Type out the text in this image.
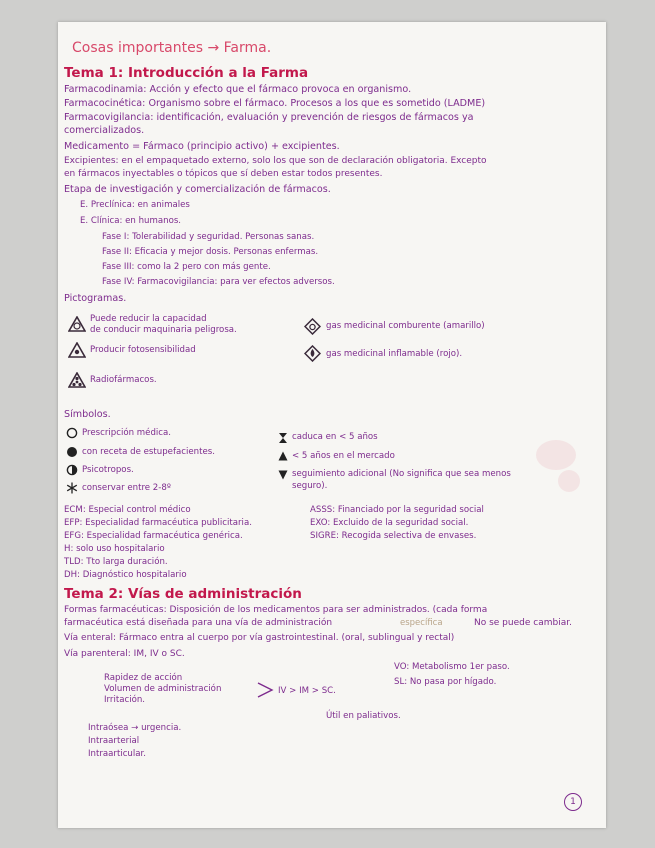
Cosas importantes → Farma.
Tema 1: Introducción a la Farma
Farmacodinamia: Acción y efecto que el fármaco provoca en organismo.
Farmacocinética: Organismo sobre el fármaco. Procesos a los que es sometido (LADME)
Farmacovigilancia: identificación, evaluación y prevención de riesgos de fármacos ya
comercializados.
Medicamento = Fármaco (principio activo) + excipientes.
Excipientes: en el empaquetado externo, solo los que son de declaración obligatoria. Excepto
en fármacos inyectables o tópicos que sí deben estar todos presentes.
Etapa de investigación y comercialización de fármacos.
E. Preclínica: en animales
E. Clínica: en humanos.
Fase I: Tolerabilidad y seguridad. Personas sanas.
Fase II: Eficacia y mejor dosis. Personas enfermas.
Fase III: como la 2 pero con más gente.
Fase IV: Farmacovigilancia: para ver efectos adversos.
Pictogramas.
Puede reducir la capacidad
de conducir maquinaria peligrosa.
Producir fotosensibilidad
Radiofármacos.
gas medicinal comburente (amarillo)
gas medicinal inflamable (rojo).
Símbolos.
Prescripción médica.
con receta de estupefacientes.
Psicotropos.
conservar entre 2-8º
caduca en < 5 años
< 5 años en el mercado
seguimiento adicional (No significa que sea menos
seguro).
ECM: Especial control médico
EFP: Especialidad farmacéutica publicitaria.
EFG: Especialidad farmacéutica genérica.
H: solo uso hospitalario
TLD: Tto larga duración.
DH: Diagnóstico hospitalario
ASSS: Financiado por la seguridad social
EXO: Excluido de la seguridad social.
SIGRE: Recogida selectiva de envases.
Tema 2: Vías de administración
Formas farmacéuticas: Disposición de los medicamentos para ser administrados. (cada forma
farmacéutica está diseñada para una vía de administración	específica	No se puede cambiar.
Vía enteral: Fármaco entra al cuerpo por vía gastrointestinal. (oral, sublingual y rectal)
Vía parenteral: IM, IV o SC.
VO: Metabolismo 1er paso.
SL: No pasa por hígado.
Rapidez de acción
Volumen de administración
Irritación.
IV > IM > SC.
Útil en paliativos.
Intraósea → urgencia.
Intraarterial
Intraarticular.
1
